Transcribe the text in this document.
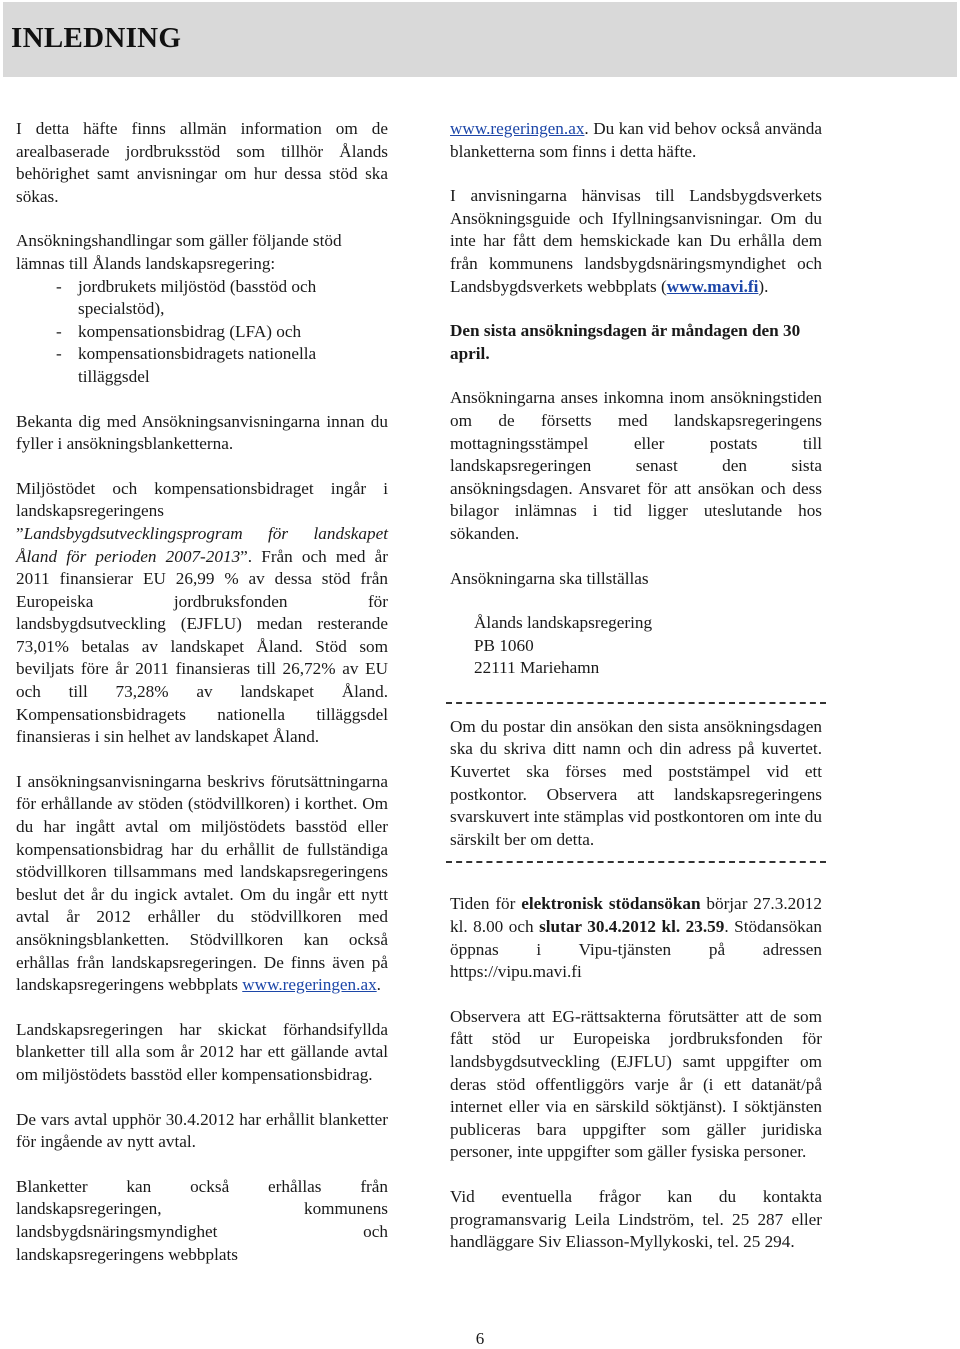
INLEDNING

I detta häfte finns allmän information om de arealbaserade jordbruksstöd som tillhör Ålands behörighet samt anvisningar om hur dessa stöd ska sökas.

Ansökningshandlingar som gäller följande stöd lämnas till Ålands landskapsregering:

- jordbrukets miljöstöd (basstöd och specialstöd),
- kompensationsbidrag (LFA) och
- kompensationsbidragets nationella tilläggsdel

Bekanta dig med Ansökningsanvisningarna innan du fyller i ansökningsblanketterna.

Miljöstödet och kompensationsbidraget ingår i landskapsregeringens ”Landsbygdsutvecklingsprogram för landskapet Åland för perioden 2007-2013”. Från och med år 2011 finansierar EU 26,99 % av dessa stöd från Europeiska jordbruksfonden för landsbygdsutveckling (EJFLU) medan resterande 73,01% betalas av landskapet Åland. Stöd som beviljats före år 2011 finansieras till 26,72% av EU och till 73,28% av landskapet Åland. Kompensationsbidragets nationella tilläggsdel finansieras i sin helhet av landskapet Åland.

I ansökningsanvisningarna beskrivs förutsättningarna för erhållande av stöden (stödvillkoren) i korthet. Om du har ingått avtal om miljöstödets basstöd eller kompensationsbidrag har du erhållit de fullständiga stödvillkoren tillsammans med landskapsregeringens beslut det år du ingick avtalet. Om du ingår ett nytt avtal år 2012 erhåller du stödvillkoren med ansökningsblanketten. Stödvillkoren kan också erhållas från landskapsregeringen. De finns även på landskapsregeringens webbplats www.regeringen.ax.

Landskapsregeringen har skickat förhandsifyllda blanketter till alla som år 2012 har ett gällande avtal om miljöstödets basstöd eller kompensationsbidrag.

De vars avtal upphör 30.4.2012 har erhållit blanketter för ingående av nytt avtal.

Blanketter kan också erhållas från landskapsregeringen, kommunens landsbygdsnäringsmyndighet och landskapsregeringens webbplats

www.regeringen.ax. Du kan vid behov också använda blanketterna som finns i detta häfte.

I anvisningarna hänvisas till Landsbygdsverkets Ansökningsguide och Ifyllningsanvisningar. Om du inte har fått dem hemskickade kan Du erhålla dem från kommunens landsbygdsnäringsmyndighet och Landsbygdsverkets webbplats (www.mavi.fi).

Den sista ansökningsdagen är måndagen den 30 april.

Ansökningarna anses inkomna inom ansökningstiden om de försetts med landskapsregeringens mottagningsstämpel eller postats till landskapsregeringen senast den sista ansökningsdagen. Ansvaret för att ansökan och dess bilagor inlämnas i tid ligger uteslutande hos sökanden.

Ansökningarna ska tillställas

Ålands landskapsregering
PB 1060
22111 Mariehamn

Om du postar din ansökan den sista ansökningsdagen ska du skriva ditt namn och din adress på kuvertet. Kuvertet ska förses med poststämpel vid ett postkontor. Observera att landskapsregeringens svarskuvert inte stämplas vid postkontoren om inte du särskilt ber om detta.

Tiden för elektronisk stödansökan börjar 27.3.2012 kl. 8.00 och slutar 30.4.2012 kl. 23.59. Stödansökan öppnas i Vipu-tjänsten på adressen https://vipu.mavi.fi

Observera att EG-rättsakterna förutsätter att de som fått stöd ur Europeiska jordbruksfonden för landsbygdsutveckling (EJFLU) samt uppgifter om deras stöd offentliggörs varje år (i ett datanät/på internet eller via en särskild söktjänst). I söktjänsten publiceras bara uppgifter som gäller juridiska personer, inte uppgifter som gäller fysiska personer.

Vid eventuella frågor kan du kontakta programansvarig Leila Lindström, tel. 25 287 eller handläggare Siv Eliasson-Myllykoski, tel. 25 294.

6
